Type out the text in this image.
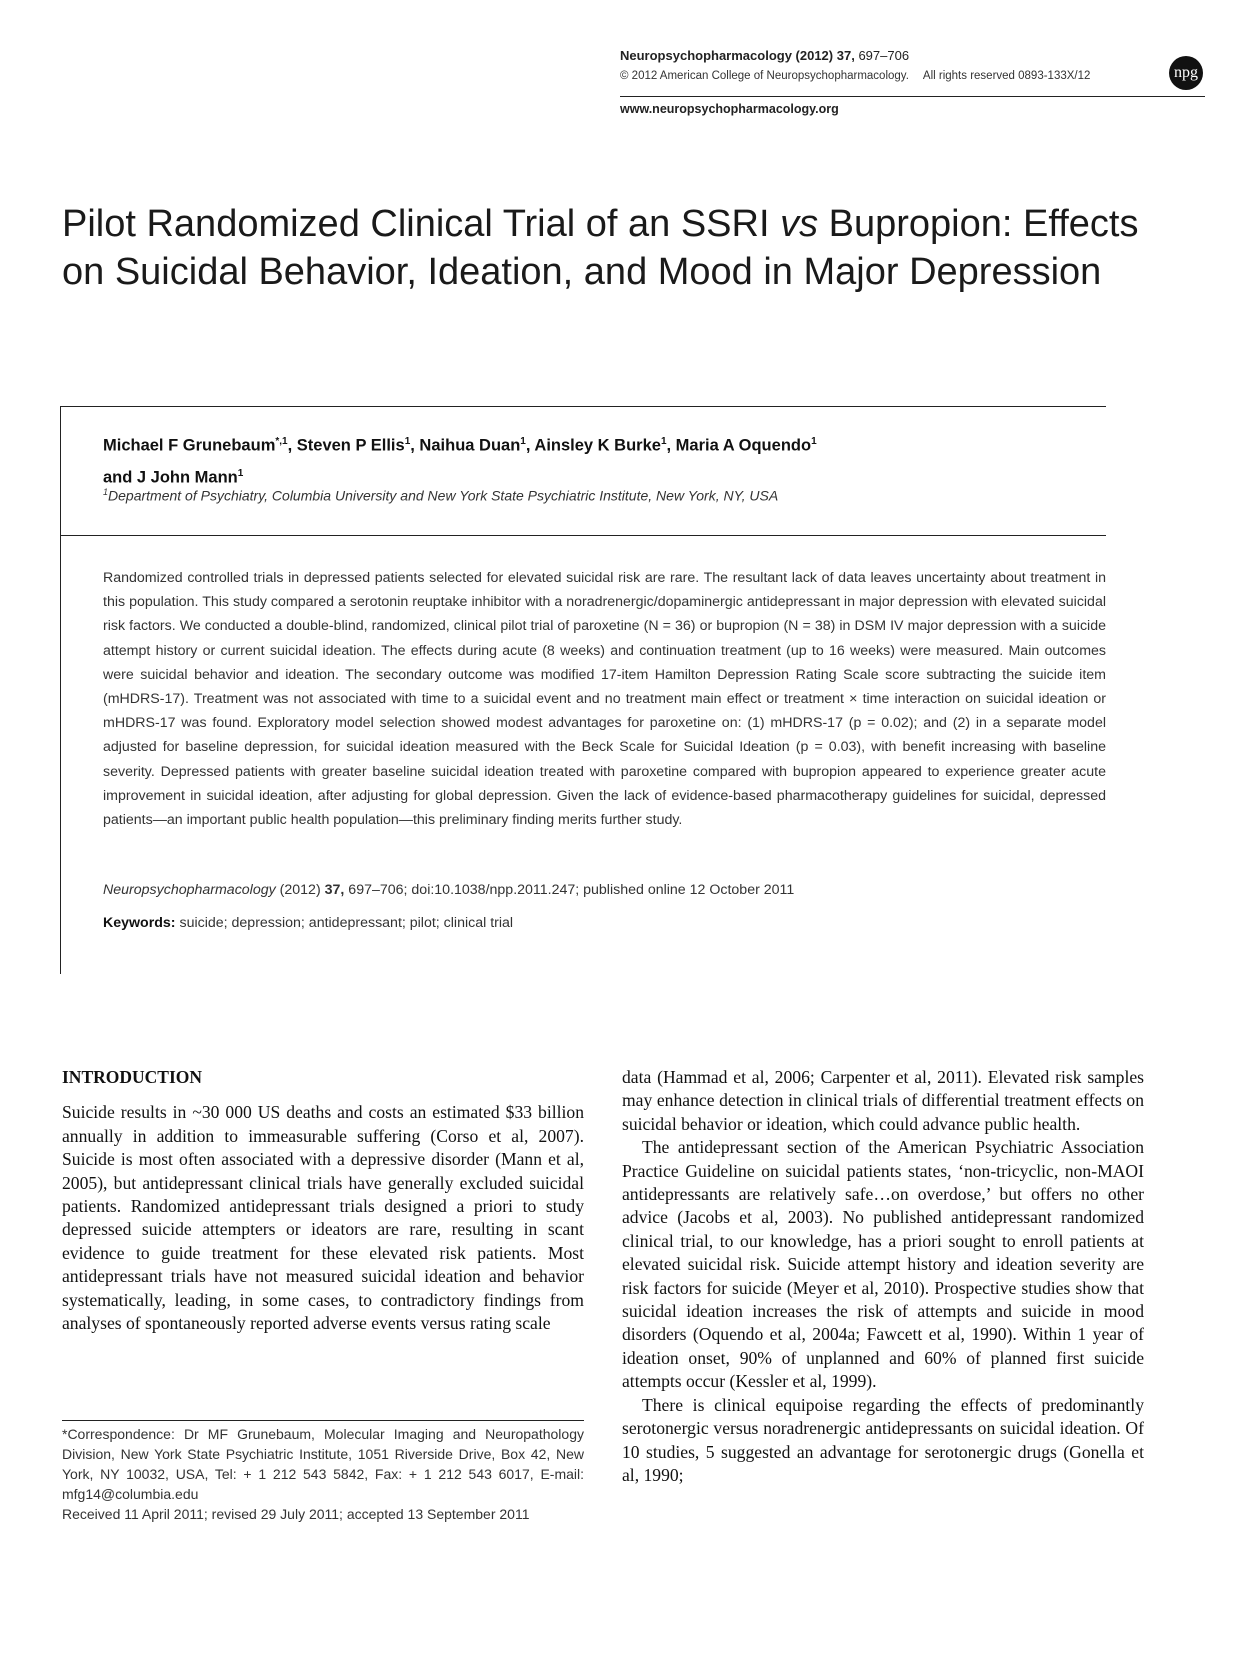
Neuropsychopharmacology (2012) 37, 697–706
© 2012 American College of Neuropsychopharmacology. All rights reserved 0893-133X/12	npg
www.neuropsychopharmacology.org
Pilot Randomized Clinical Trial of an SSRI vs Bupropion: Effects on Suicidal Behavior, Ideation, and Mood in Major Depression
Michael F Grunebaum$^{*,1}$, Steven P Ellis$^1$, Naihua Duan$^1$, Ainsley K Burke$^1$, Maria A Oquendo$^1$
and J John Mann$^1$
$^1$Department of Psychiatry, Columbia University and New York State Psychiatric Institute, New York, NY, USA
Randomized controlled trials in depressed patients selected for elevated suicidal risk are rare. The resultant lack of data leaves uncertainty about treatment in this population. This study compared a serotonin reuptake inhibitor with a noradrenergic/dopaminergic antidepressant in major depression with elevated suicidal risk factors. We conducted a double-blind, randomized, clinical pilot trial of paroxetine (N = 36) or bupropion (N = 38) in DSM IV major depression with a suicide attempt history or current suicidal ideation. The effects during acute (8 weeks) and continuation treatment (up to 16 weeks) were measured. Main outcomes were suicidal behavior and ideation. The secondary outcome was modified 17-item Hamilton Depression Rating Scale score subtracting the suicide item (mHDRS-17). Treatment was not associated with time to a suicidal event and no treatment main effect or treatment × time interaction on suicidal ideation or mHDRS-17 was found. Exploratory model selection showed modest advantages for paroxetine on: (1) mHDRS-17 (p = 0.02); and (2) in a separate model adjusted for baseline depression, for suicidal ideation measured with the Beck Scale for Suicidal Ideation (p = 0.03), with benefit increasing with baseline severity. Depressed patients with greater baseline suicidal ideation treated with paroxetine compared with bupropion appeared to experience greater acute improvement in suicidal ideation, after adjusting for global depression. Given the lack of evidence-based pharmacotherapy guidelines for suicidal, depressed patients—an important public health population—this preliminary finding merits further study.
Neuropsychopharmacology (2012) 37, 697–706; doi:10.1038/npp.2011.247; published online 12 October 2011
Keywords: suicide; depression; antidepressant; pilot; clinical trial
INTRODUCTION
Suicide results in ~30 000 US deaths and costs an estimated $33 billion annually in addition to immeasurable suffering (Corso et al, 2007). Suicide is most often associated with a depressive disorder (Mann et al, 2005), but antidepressant clinical trials have generally excluded suicidal patients. Randomized antidepressant trials designed a priori to study depressed suicide attempters or ideators are rare, resulting in scant evidence to guide treatment for these elevated risk patients. Most antidepressant trials have not measured suicidal ideation and behavior systematically, leading, in some cases, to contradictory findings from analyses of spontaneously reported adverse events versus rating scale
*Correspondence: Dr MF Grunebaum, Molecular Imaging and Neuropathology Division, New York State Psychiatric Institute, 1051 Riverside Drive, Box 42, New York, NY 10032, USA, Tel: + 1 212 543 5842, Fax: + 1 212 543 6017, E-mail: mfg14@columbia.edu
Received 11 April 2011; revised 29 July 2011; accepted 13 September 2011

data (Hammad et al, 2006; Carpenter et al, 2011). Elevated risk samples may enhance detection in clinical trials of differential treatment effects on suicidal behavior or ideation, which could advance public health.

The antidepressant section of the American Psychiatric Association Practice Guideline on suicidal patients states, ‘non-tricyclic, non-MAOI antidepressants are relatively safe…on overdose,’ but offers no other advice (Jacobs et al, 2003). No published antidepressant randomized clinical trial, to our knowledge, has a priori sought to enroll patients at elevated suicidal risk. Suicide attempt history and ideation severity are risk factors for suicide (Meyer et al, 2010). Prospective studies show that suicidal ideation increases the risk of attempts and suicide in mood disorders (Oquendo et al, 2004a; Fawcett et al, 1990). Within 1 year of ideation onset, 90% of unplanned and 60% of planned first suicide attempts occur (Kessler et al, 1999).

There is clinical equipoise regarding the effects of predominantly serotonergic versus noradrenergic antidepressants on suicidal ideation. Of 10 studies, 5 suggested an advantage for serotonergic drugs (Gonella et al, 1990;
